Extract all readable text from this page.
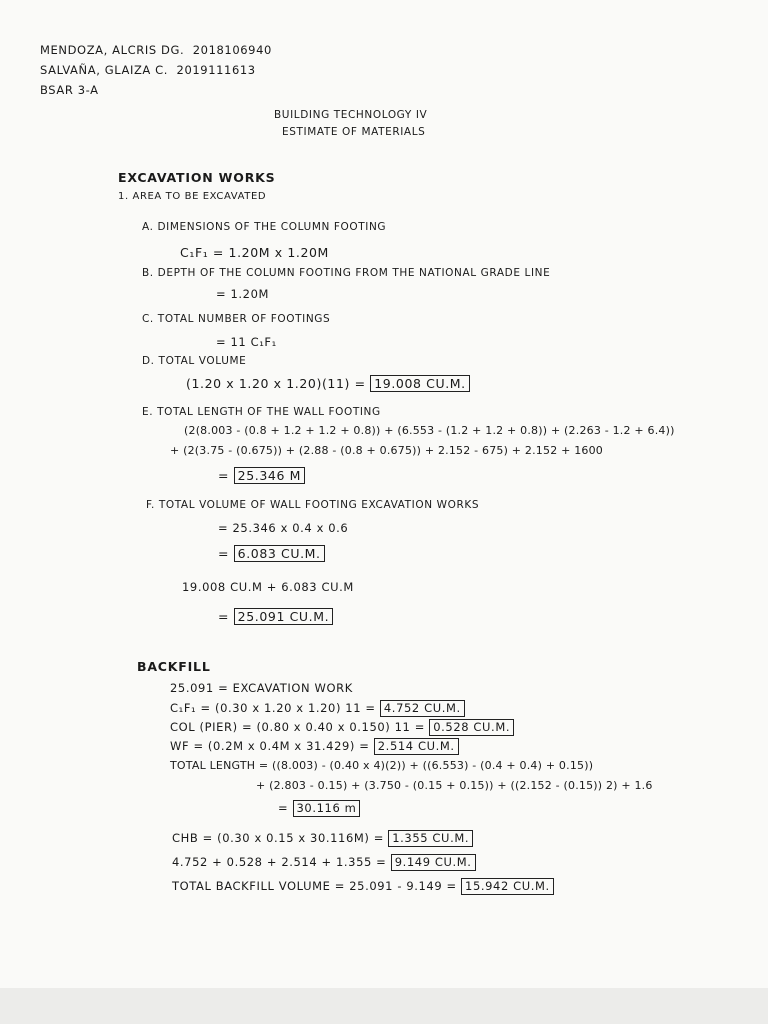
MENDOZA, ALCRIS DG. 2018106940
SALVAÑA, GLAIZA C. 2019111613
BSAR 3-A
BUILDING TECHNOLOGY IV
ESTIMATE OF MATERIALS
EXCAVATION WORKS
1. AREA TO BE EXCAVATED
A. DIMENSIONS OF THE COLUMN FOOTING
C₁F₁ = 1.20M x 1.20M
B. DEPTH OF THE COLUMN FOOTING FROM THE NATIONAL GRADE LINE
= 1.20M
C. TOTAL NUMBER OF FOOTINGS
= 11 C₁F₁
D. TOTAL VOLUME
(1.20 x 1.20 x 1.20)(11) = 19.008 CU.M.
E. TOTAL LENGTH OF THE WALL FOOTING
(2(8.003 - (0.8 + 1.2 + 1.2 + 0.8)) + (6.553 - (1.2 + 1.2 + 0.8)) + (2.263 - 1.2 + 6.4))
+ (2(3.75 - (0.675)) + (2.88 - (0.8 + 0.675)) + 2.152 - 675) + 2.152 + 1600
= 25.346 M
F. TOTAL VOLUME OF WALL FOOTING EXCAVATION WORKS
= 25.346 x 0.4 x 0.6
= 6.083 CU.M.
19.008 CU.M + 6.083 CU.M
= 25.091 CU.M.
BACKFILL
25.091 = EXCAVATION WORK
C₁F₁ = (0.30 x 1.20 x 1.20) 11 = 4.752 CU.M.
COL (PIER) = (0.80 x 0.40 x 0.150) 11 = 0.528 CU.M.
WF = (0.2M x 0.4M x 31.429) = 2.514 CU.M.
TOTAL LENGTH = ((8.003) - (0.40 x 4)(2)) + ((6.553) - (0.4 + 0.4) + 0.15))
+ (2.803 - 0.15) + (3.750 - (0.15 + 0.15)) + ((2.152 - (0.15)) 2) + 1.6
= 30.116 m
CHB = (0.30 x 0.15 x 30.116M) = 1.355 CU.M.
4.752 + 0.528 + 2.514 + 1.355 = 9.149 CU.M.
TOTAL BACKFILL VOLUME = 25.091 - 9.149 = 15.942 CU.M.
